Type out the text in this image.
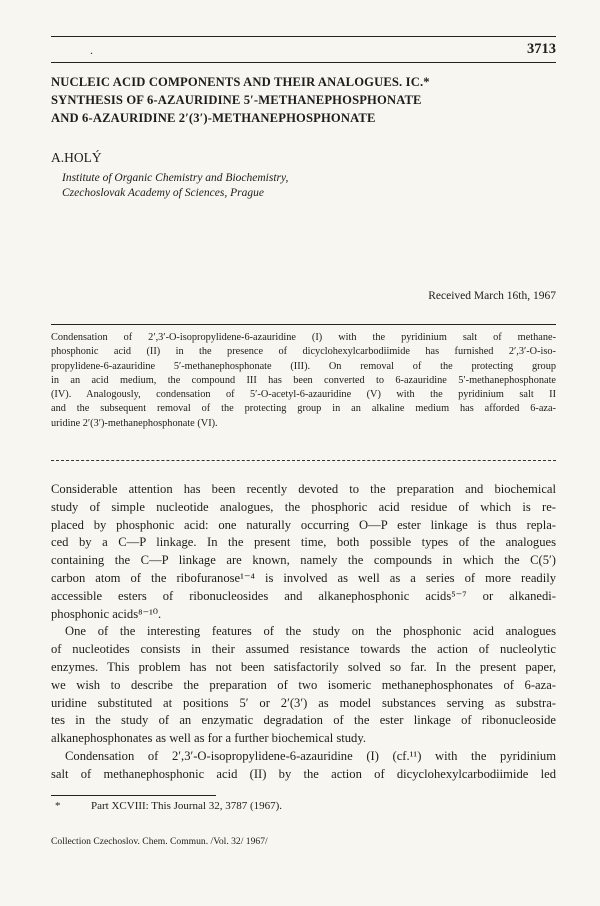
.	3713
NUCLEIC ACID COMPONENTS AND THEIR ANALOGUES. IC.*
SYNTHESIS OF 6-AZAURIDINE 5′-METHANEPHOSPHONATE
AND 6-AZAURIDINE 2′(3′)-METHANEPHOSPHONATE
A.HOLÝ
Institute of Organic Chemistry and Biochemistry,
Czechoslovak Academy of Sciences, Prague
Received March 16th, 1967
Condensation of 2′,3′-O-isopropylidene-6-azauridine (I) with the pyridinium salt of methane-
phosphonic acid (II) in the presence of dicyclohexylcarbodiimide has furnished 2′,3′-O-iso-
propylidene-6-azauridine 5′-methanephosphonate (III). On removal of the protecting group
in an acid medium, the compound III has been converted to 6-azauridine 5′-methanephosphonate
(IV). Analogously, condensation of 5′-O-acetyl-6-azauridine (V) with the pyridinium salt II
and the subsequent removal of the protecting group in an alkaline medium has afforded 6-aza-
uridine 2′(3′)-methanephosphonate (VI).
Considerable attention has been recently devoted to the preparation and biochemical
study of simple nucleotide analogues, the phosphoric acid residue of which is re-
placed by phosphonic acid: one naturally occurring O—P ester linkage is thus repla-
ced by a C—P linkage. In the present time, both possible types of the analogues
containing the C—P linkage are known, namely the compounds in which the C(5′)
carbon atom of the ribofuranose¹⁻⁴ is involved as well as a series of more readily
accessible esters of ribonucleosides and alkanephosphonic acids⁵⁻⁷ or alkanedi-
phosphonic acids⁸⁻¹⁰.
One of the interesting features of the study on the phosphonic acid analogues
of nucleotides consists in their assumed resistance towards the action of nucleolytic
enzymes. This problem has not been satisfactorily solved so far. In the present paper,
we wish to describe the preparation of two isomeric methanephosphonates of 6-aza-
uridine substituted at positions 5′ or 2′(3′) as model substances serving as substra-
tes in the study of an enzymatic degradation of the ester linkage of ribonucleoside
alkanephosphonates as well as for a further biochemical study.
Condensation of 2′,3′-O-isopropylidene-6-azauridine (I) (cf.¹¹) with the pyridinium
salt of methanephosphonic acid (II) by the action of dicyclohexylcarbodiimide led
*	Part XCVIII: This Journal 32, 3787 (1967).
Collection Czechoslov. Chem. Commun. /Vol. 32/ 1967/
